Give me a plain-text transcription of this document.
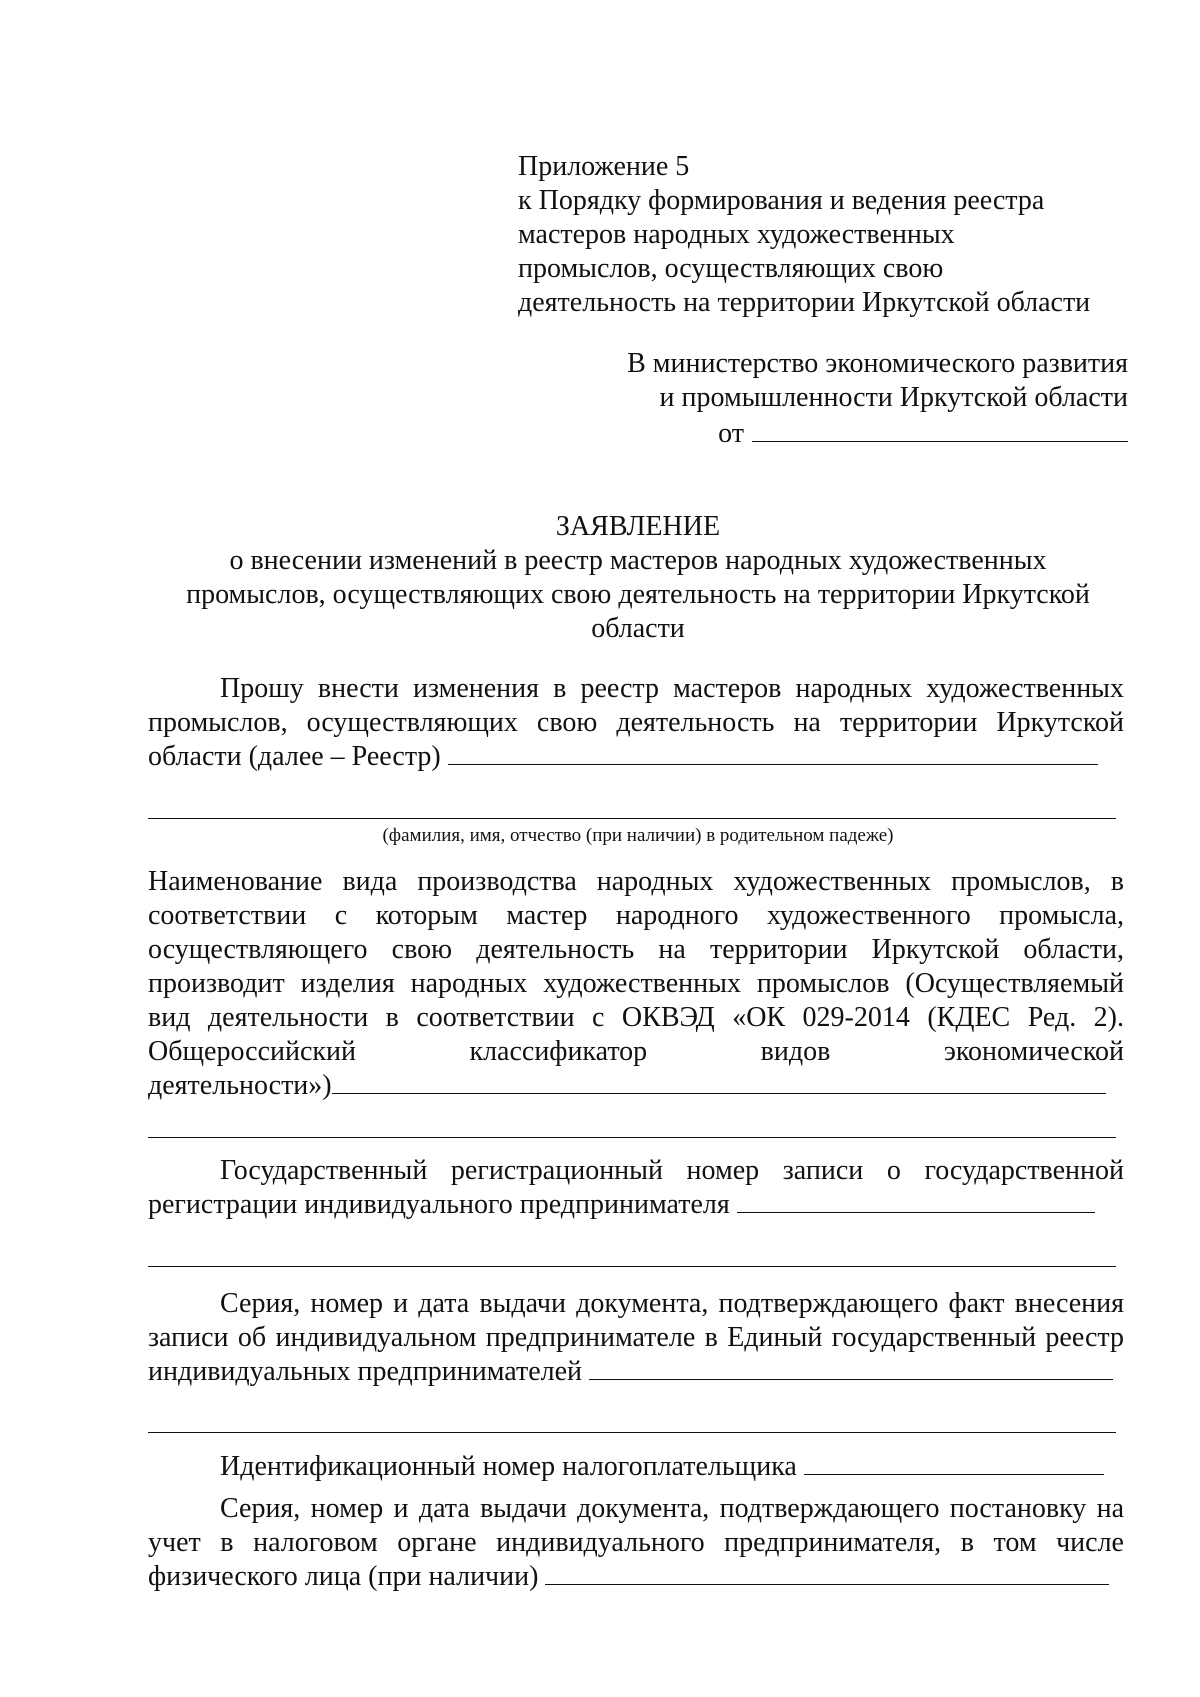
Приложение 5
к Порядку формирования и ведения реестра
мастеров народных художественных
промыслов, осуществляющих свою
деятельность на территории Иркутской области
В министерство экономического развития
и промышленности Иркутской области
от
ЗАЯВЛЕНИЕ
о внесении изменений в реестр мастеров народных художественных
промыслов, осуществляющих свою деятельность на территории Иркутской
области

Прошу внести изменения в реестр мастеров народных художественных промыслов, осуществляющих свою деятельность на территории Иркутской области (далее – Реестр)

(фамилия, имя, отчество (при наличии) в родительном падеже)

Наименование вида производства народных художественных промыслов, в соответствии с которым мастер народного художественного промысла, осуществляющего свою деятельность на территории Иркутской области, производит изделия народных художественных промыслов (Осуществляемый вид деятельности в соответствии с ОКВЭД «ОК 029-2014 (КДЕС Ред. 2). Общероссийский классификатор видов экономической

деятельности»)

Государственный регистрационный номер записи о государственной регистрации индивидуального предпринимателя

Серия, номер и дата выдачи документа, подтверждающего факт внесения записи об индивидуальном предпринимателе в Единый государственный реестр индивидуальных предпринимателей

Идентификационный номер налогоплательщика

Серия, номер и дата выдачи документа, подтверждающего постановку на учет в налоговом органе индивидуального предпринимателя, в том числе физического лица (при наличии)
